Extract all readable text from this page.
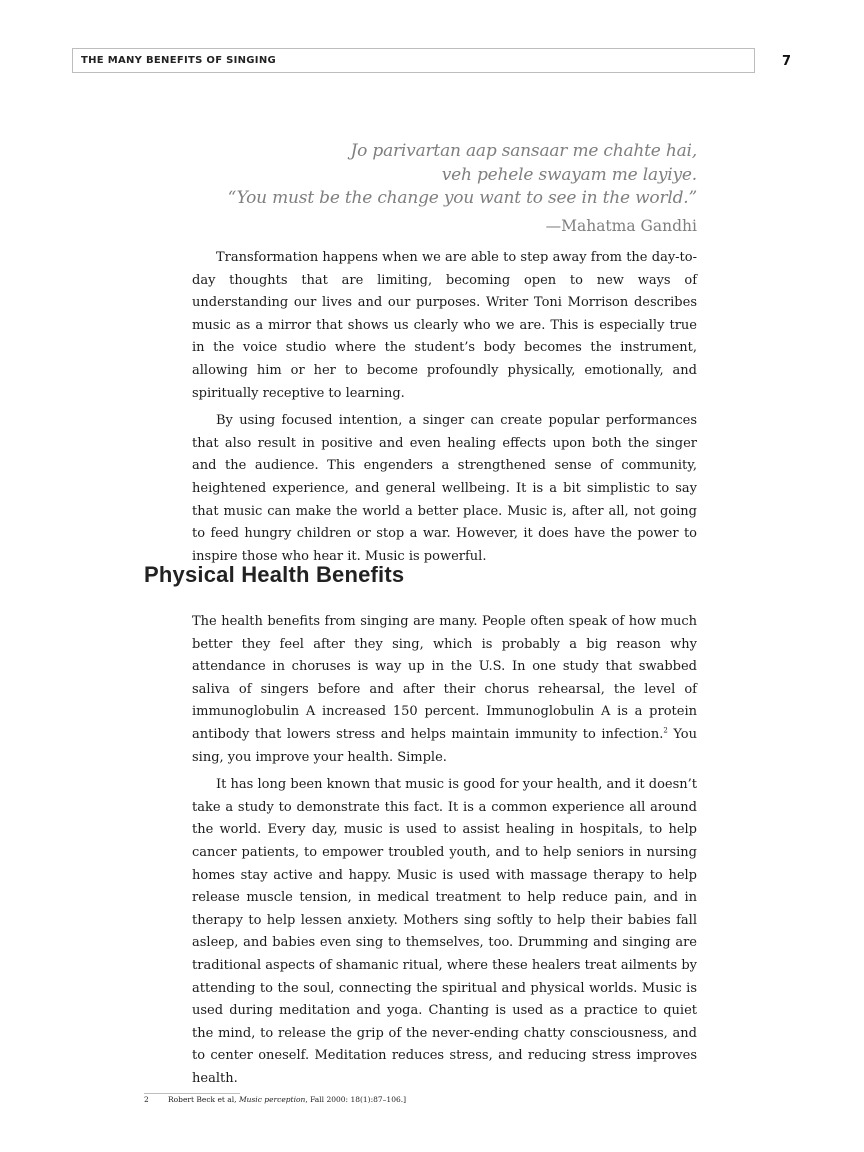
THE MANY BENEFITS OF SINGING	7
Jo parivartan aap sansaar me chahte hai,
veh pehele swayam me layiye.
“You must be the change you want to see in the world.”
—Mahatma Gandhi

Transformation happens when we are able to step away from the day-to-day thoughts that are limiting, becoming open to new ways of understanding our lives and our purposes. Writer Toni Morrison describes music as a mirror that shows us clearly who we are. This is especially true in the voice studio where the student’s body becomes the instrument, allowing him or her to become profoundly physically, emotionally, and spiritually receptive to learning.

By using focused intention, a singer can create popular performances that also result in positive and even healing effects upon both the singer and the audience. This engenders a strengthened sense of community, heightened experience, and general wellbeing. It is a bit simplistic to say that music can make the world a better place. Music is, after all, not going to feed hungry children or stop a war. However, it does have the power to inspire those who hear it. Music is powerful.

Physical Health Benefits

The health benefits from singing are many. People often speak of how much better they feel after they sing, which is probably a big reason why attendance in choruses is way up in the U.S. In one study that swabbed saliva of singers before and after their chorus rehearsal, the level of immunoglobulin A increased 150 percent. Immunoglobulin A is a protein antibody that lowers stress and helps maintain immunity to infection.$^2$ You sing, you improve your health. Simple.

It has long been known that music is good for your health, and it doesn’t take a study to demonstrate this fact. It is a common experience all around the world. Every day, music is used to assist healing in hospitals, to help cancer patients, to empower troubled youth, and to help seniors in nursing homes stay active and happy. Music is used with massage therapy to help release muscle tension, in medical treatment to help reduce pain, and in therapy to help lessen anxiety. Mothers sing softly to help their babies fall asleep, and babies even sing to themselves, too. Drumming and singing are traditional aspects of shamanic ritual, where these healers treat ailments by attending to the soul, connecting the spiritual and physical worlds. Music is used during meditation and yoga. Chanting is used as a practice to quiet the mind, to release the grip of the never-ending chatty consciousness, and to center oneself. Meditation reduces stress, and reducing stress improves health.

2	Robert Beck et al, Music perception, Fall 2000: 18(1):87–106.]
